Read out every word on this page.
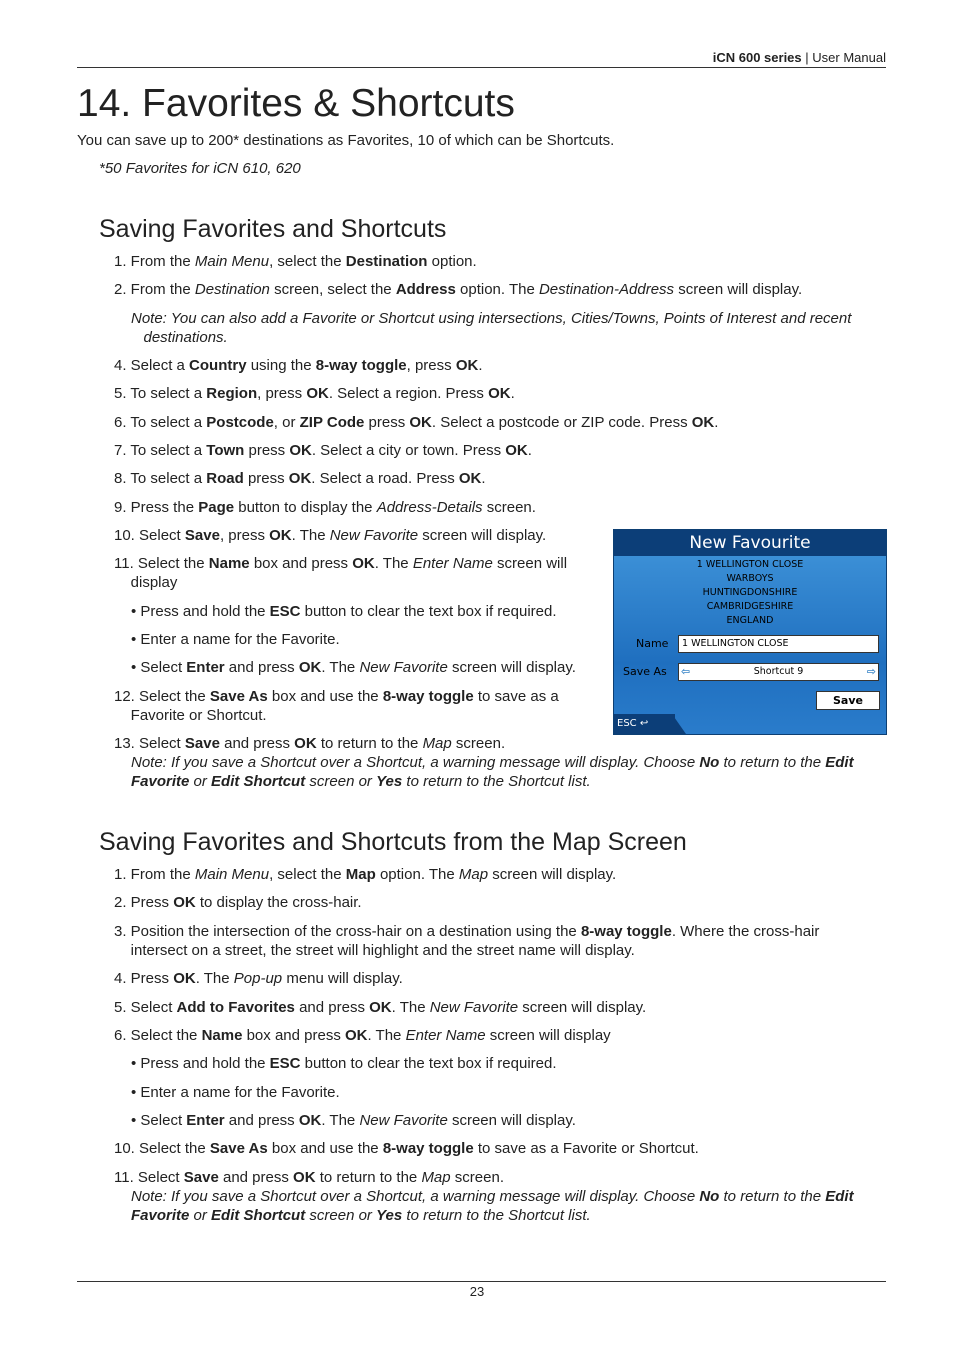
iCN 600 series | User Manual
14. Favorites & Shortcuts
You can save up to 200* destinations as Favorites, 10 of which can be Shortcuts.
*50 Favorites for iCN 610, 620
Saving Favorites and Shortcuts
1. From the Main Menu, select the Destination option.
2. From the Destination screen, select the Address option. The Destination-Address screen will display.
Note: You can also add a Favorite or Shortcut using intersections, Cities/Towns, Points of Interest and recent
destinations.
4. Select a Country using the 8-way toggle, press OK.
5. To select a Region, press OK. Select a region. Press OK.
6. To select a Postcode, or ZIP Code press OK. Select a postcode or ZIP code. Press OK.
7. To select a Town press OK. Select a city or town. Press OK.
8. To select a Road press OK. Select a road. Press OK.
9. Press the Page button to display the Address-Details screen.
10. Select Save, press OK. The New Favorite screen will display.
11. Select the Name box and press OK. The Enter Name screen will
display
• Press and hold the ESC button to clear the text box if required.
• Enter a name for the Favorite.
• Select Enter and press OK. The New Favorite screen will display.
12. Select the Save As box and use the 8-way toggle to save as a
Favorite or Shortcut.
13. Select Save and press OK to return to the Map screen.
Note: If you save a Shortcut over a Shortcut, a warning message will display. Choose No to return to the Edit Favorite or Edit Shortcut screen or Yes to return to the Shortcut list.
New Favourite
1 WELLINGTON CLOSE
WARBOYS
HUNTINGDONSHIRE
CAMBRIDGESHIRE
ENGLAND
Name	1 WELLINGTON CLOSE
Save As ⇦	Shortcut 9	⇨
Save
ESC ↩
Saving Favorites and Shortcuts from the Map Screen
1. From the Main Menu, select the Map option. The Map screen will display.
2. Press OK to display the cross-hair.
3. Position the intersection of the cross-hair on a destination using the 8-way toggle. Where the cross-hair
intersect on a street, the street will highlight and the street name will display.
4. Press OK. The Pop-up menu will display.
5. Select Add to Favorites and press OK. The New Favorite screen will display.
6. Select the Name box and press OK. The Enter Name screen will display
• Press and hold the ESC button to clear the text box if required.
• Enter a name for the Favorite.
• Select Enter and press OK. The New Favorite screen will display.
10. Select the Save As box and use the 8-way toggle to save as a Favorite or Shortcut.
11. Select Save and press OK to return to the Map screen.
Note: If you save a Shortcut over a Shortcut, a warning message will display. Choose No to return to the Edit Favorite or Edit Shortcut screen or Yes to return to the Shortcut list.
23
